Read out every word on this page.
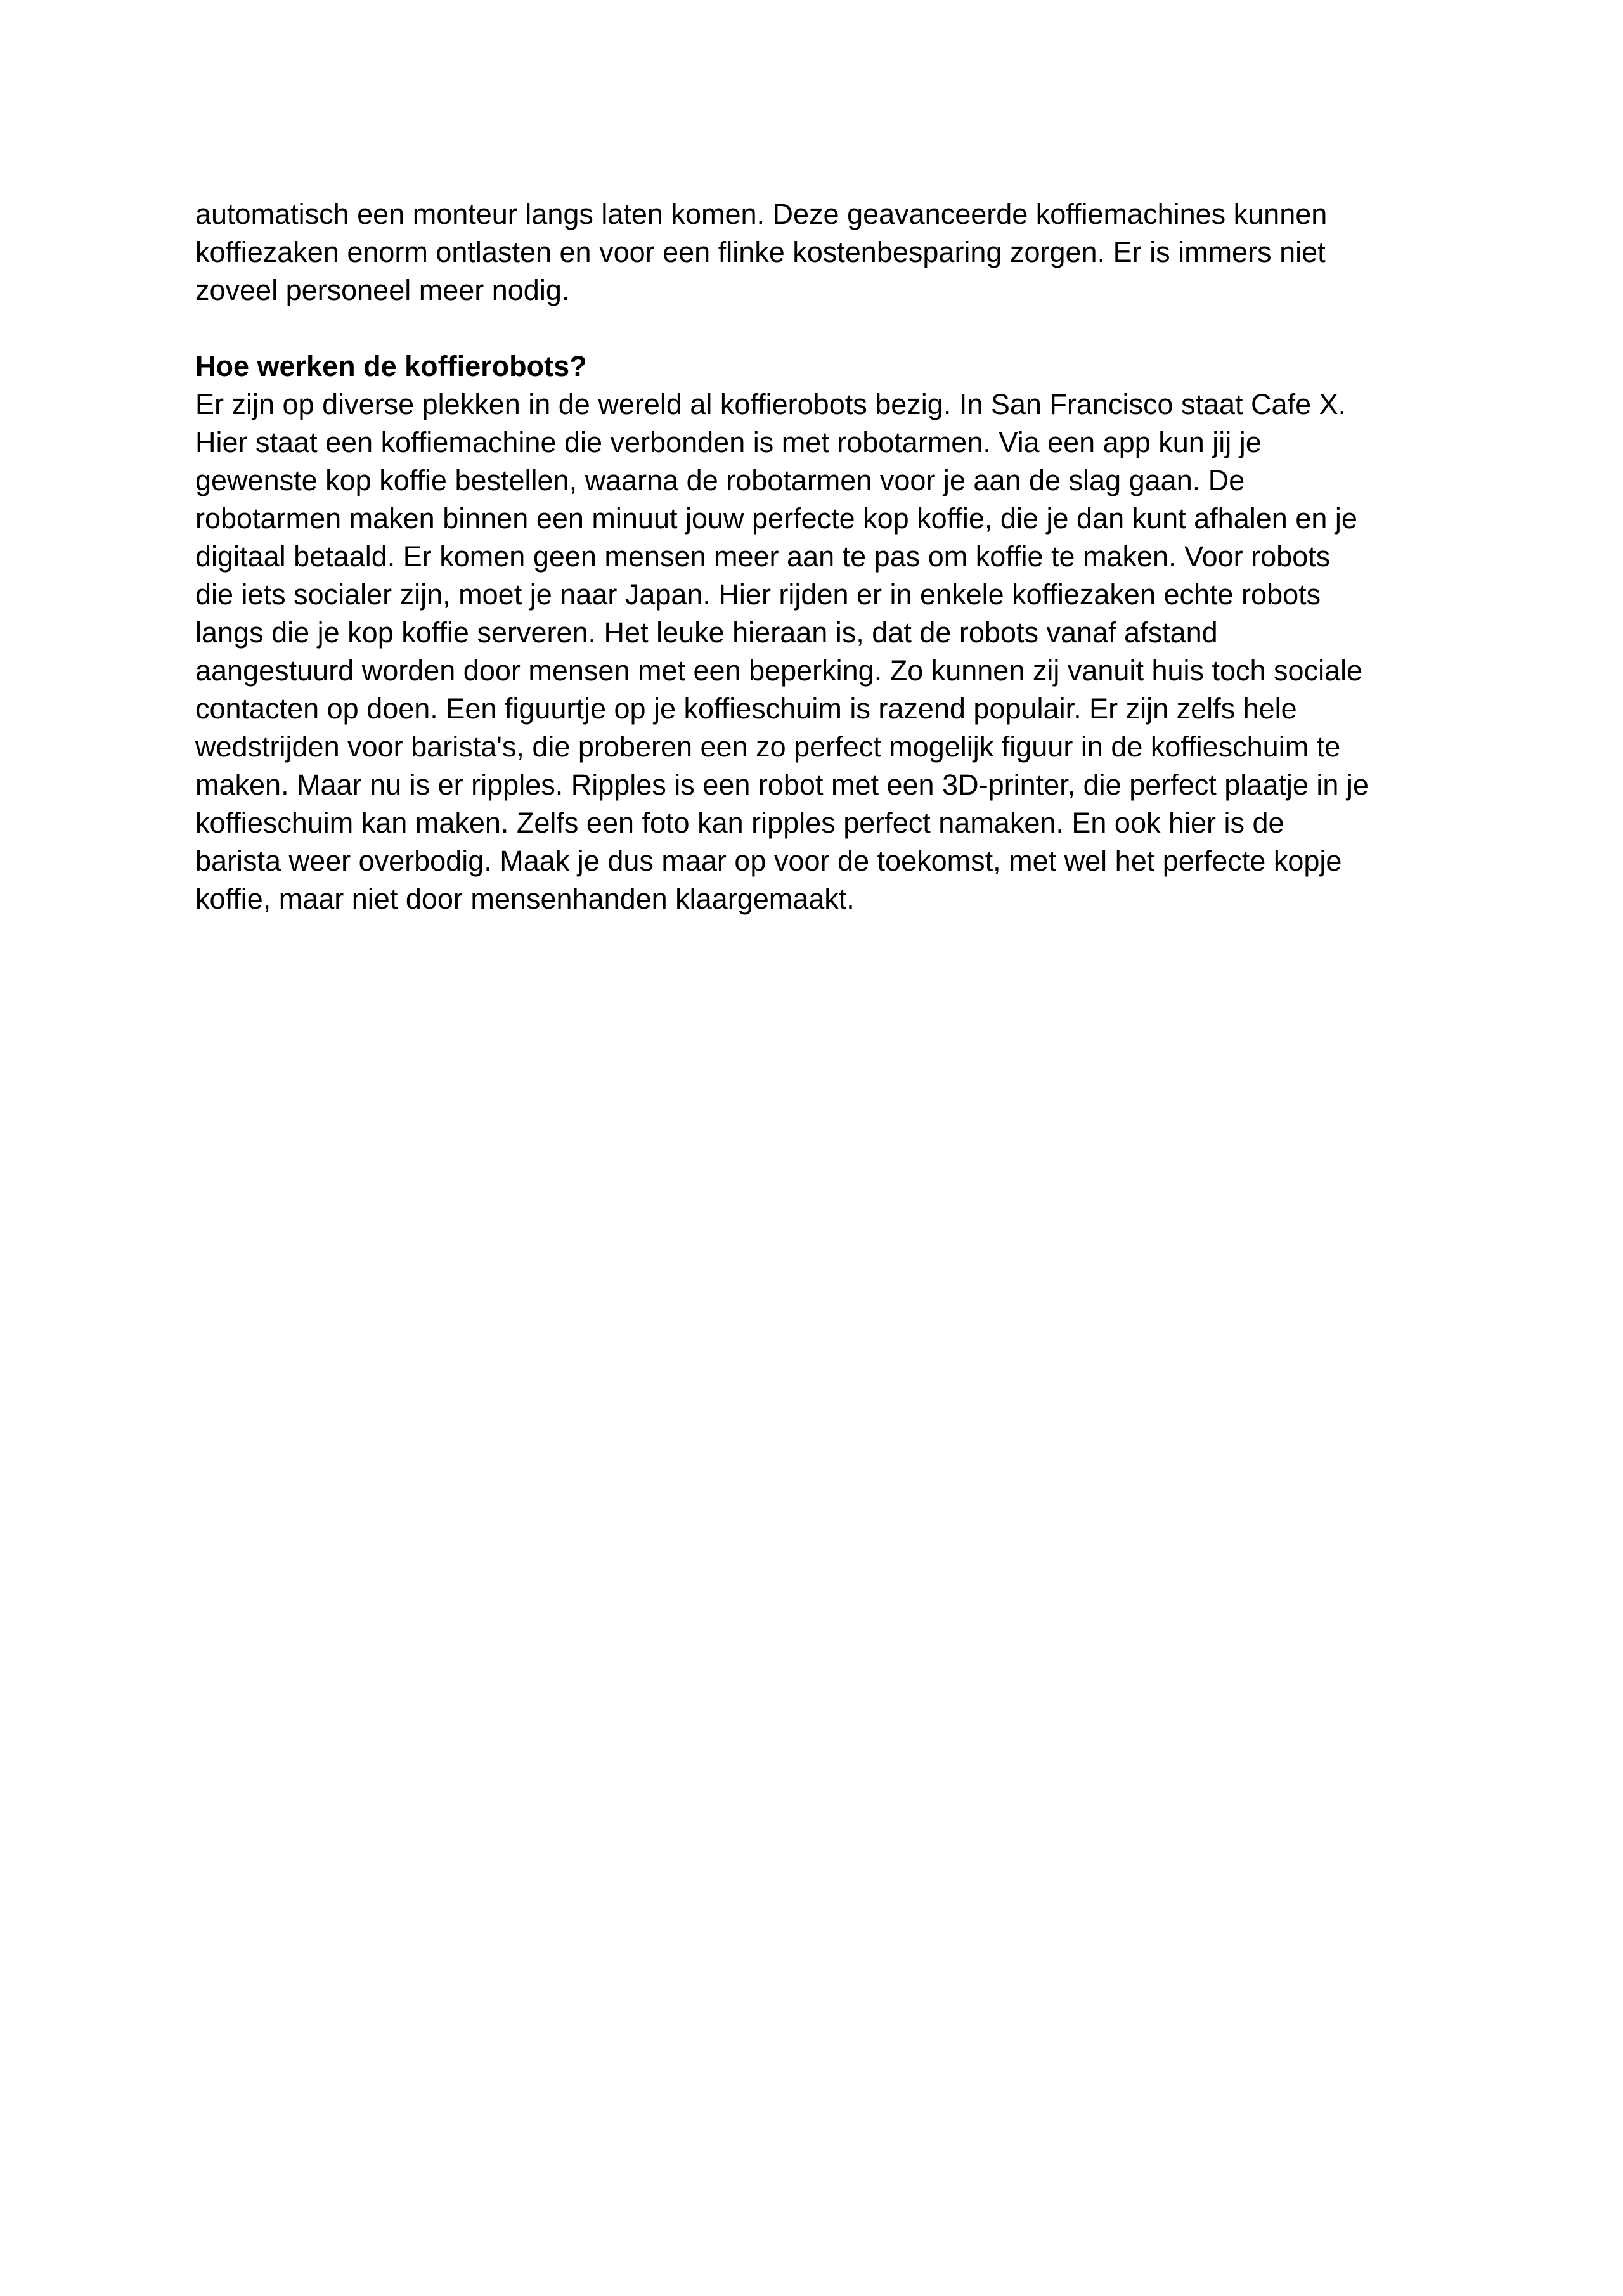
automatisch een monteur langs laten komen. Deze geavanceerde koffiemachines kunnen
koffiezaken enorm ontlasten en voor een flinke kostenbesparing zorgen. Er is immers niet
zoveel personeel meer nodig.
Hoe werken de koffierobots?
Er zijn op diverse plekken in de wereld al koffierobots bezig. In San Francisco staat Cafe X.
Hier staat een koffiemachine die verbonden is met robotarmen. Via een app kun jij je
gewenste kop koffie bestellen, waarna de robotarmen voor je aan de slag gaan. De
robotarmen maken binnen een minuut jouw perfecte kop koffie, die je dan kunt afhalen en je
digitaal betaald. Er komen geen mensen meer aan te pas om koffie te maken. Voor robots
die iets socialer zijn, moet je naar Japan. Hier rijden er in enkele koffiezaken echte robots
langs die je kop koffie serveren. Het leuke hieraan is, dat de robots vanaf afstand
aangestuurd worden door mensen met een beperking. Zo kunnen zij vanuit huis toch sociale
contacten op doen. Een figuurtje op je koffieschuim is razend populair. Er zijn zelfs hele
wedstrijden voor barista's, die proberen een zo perfect mogelijk figuur in de koffieschuim te
maken. Maar nu is er ripples. Ripples is een robot met een 3D-printer, die perfect plaatje in je
koffieschuim kan maken. Zelfs een foto kan ripples perfect namaken. En ook hier is de
barista weer overbodig. Maak je dus maar op voor de toekomst, met wel het perfecte kopje
koffie, maar niet door mensenhanden klaargemaakt.
